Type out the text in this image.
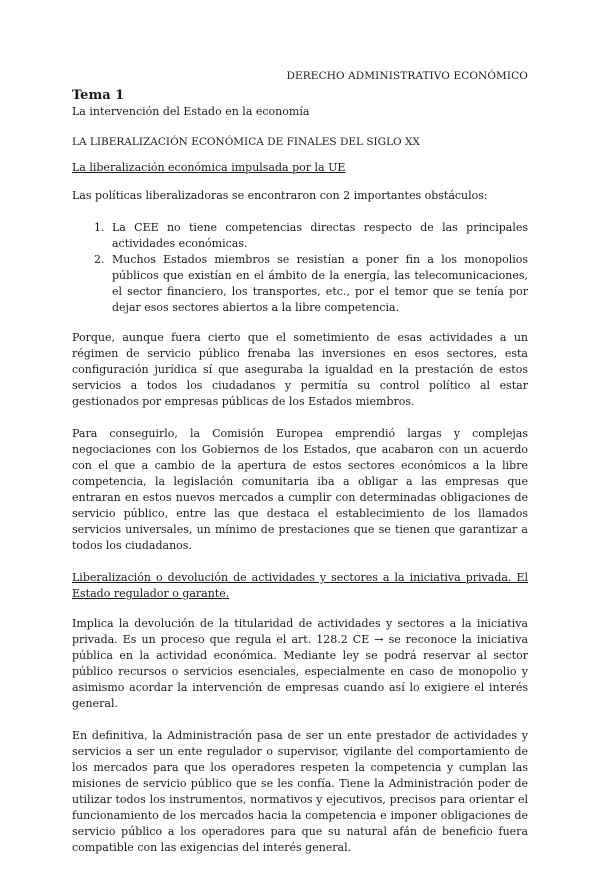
DERECHO ADMINISTRATIVO ECONÓMICO
Tema 1
La intervención del Estado en la economía
LA LIBERALIZACIÓN ECONÓMICA DE FINALES DEL SIGLO XX
La liberalización económica impulsada por la UE

Las políticas liberalizadoras se encontraron con 2 importantes obstáculos:

1. La CEE no tiene competencias directas respecto de las principales actividades económicas.
2. Muchos Estados miembros se resistían a poner fin a los monopolios públicos que existían en el ámbito de la energía, las telecomunicaciones, el sector financiero, los transportes, etc., por el temor que se tenía por dejar esos sectores abiertos a la libre competencia.

Porque, aunque fuera cierto que el sometimiento de esas actividades a un régimen de servicio público frenaba las inversiones en esos sectores, esta configuración jurídica sí que aseguraba la igualdad en la prestación de estos servicios a todos los ciudadanos y permitía su control político al estar gestionados por empresas públicas de los Estados miembros.

Para conseguirlo, la Comisión Europea emprendió largas y complejas negociaciones con los Gobiernos de los Estados, que acabaron con un acuerdo con el que a cambio de la apertura de estos sectores económicos a la libre competencia, la legislación comunitaria iba a obligar a las empresas que entraran en estos nuevos mercados a cumplir con determinadas obligaciones de servicio público, entre las que destaca el establecimiento de los llamados servicios universales, un mínimo de prestaciones que se tienen que garantizar a todos los ciudadanos.

Liberalización o devolución de actividades y sectores a la iniciativa privada. El Estado regulador o garante.

Implica la devolución de la titularidad de actividades y sectores a la iniciativa privada. Es un proceso que regula el art. 128.2 CE → se reconoce la iniciativa pública en la actividad económica. Mediante ley se podrá reservar al sector público recursos o servicios esenciales, especialmente en caso de monopolio y asimismo acordar la intervención de empresas cuando así lo exigiere el interés general.

En definitiva, la Administración pasa de ser un ente prestador de actividades y servicios a ser un ente regulador o supervisor, vigilante del comportamiento de los mercados para que los operadores respeten la competencia y cumplan las misiones de servicio público que se les confía. Tiene la Administración poder de utilizar todos los instrumentos, normativos y ejecutivos, precisos para orientar el funcionamiento de los mercados hacia la competencia e imponer obligaciones de servicio público a los operadores para que su natural afán de beneficio fuera compatible con las exigencias del interés general.
